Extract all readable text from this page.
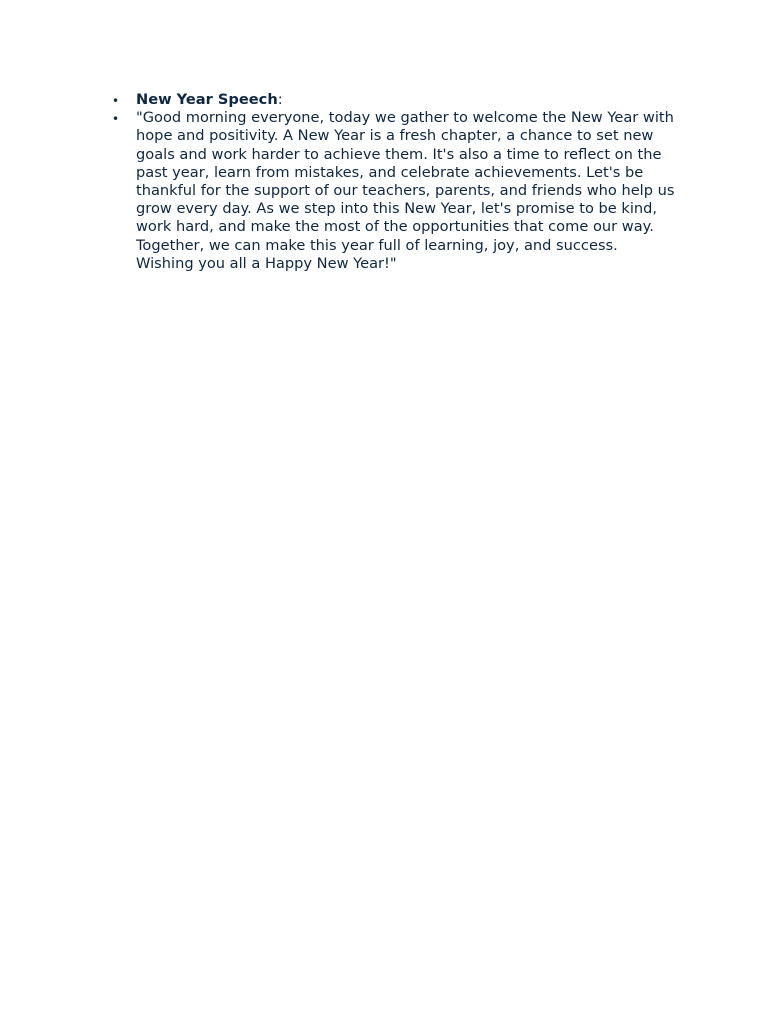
• New Year Speech:
• "Good morning everyone, today we gather to welcome the New Year with hope and positivity. A New Year is a fresh chapter, a chance to set new goals and work harder to achieve them. It's also a time to reflect on the past year, learn from mistakes, and celebrate achievements. Let's be thankful for the support of our teachers, parents, and friends who help us grow every day. As we step into this New Year, let's promise to be kind, work hard, and make the most of the opportunities that come our way. Together, we can make this year full of learning, joy, and success. Wishing you all a Happy New Year!"
